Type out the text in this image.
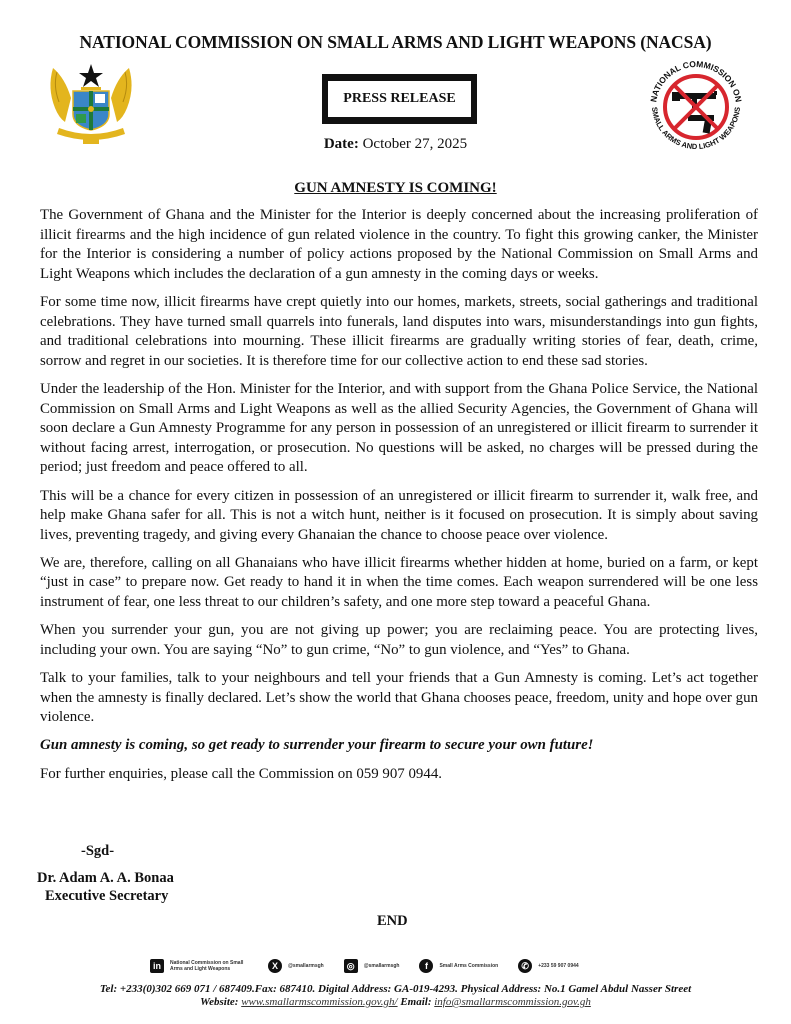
NATIONAL COMMISSION ON SMALL ARMS AND LIGHT WEAPONS (NACSA)
PRESS RELEASE
Date: October 27, 2025
NATIONAL COMMISSION ON
SMALL ARMS AND LIGHT WEAPONS
GUN AMNESTY IS COMING!

The Government of Ghana and the Minister for the Interior is deeply concerned about the increasing proliferation of illicit firearms and the high incidence of gun related violence in the country. To fight this growing canker, the Minister for the Interior is considering a number of policy actions proposed by the National Commission on Small Arms and Light Weapons which includes the declaration of a gun amnesty in the coming days or weeks.

For some time now, illicit firearms have crept quietly into our homes, markets, streets, social gatherings and traditional celebrations. They have turned small quarrels into funerals, land disputes into wars, misunderstandings into gun fights, and traditional celebrations into mourning. These illicit firearms are gradually writing stories of fear, death, crime, sorrow and regret in our societies. It is therefore time for our collective action to end these sad stories.

Under the leadership of the Hon. Minister for the Interior, and with support from the Ghana Police Service, the National Commission on Small Arms and Light Weapons as well as the allied Security Agencies, the Government of Ghana will soon declare a Gun Amnesty Programme for any person in possession of an unregistered or illicit firearm to surrender it without facing arrest, interrogation, or prosecution. No questions will be asked, no charges will be pressed during the period; just freedom and peace offered to all.

This will be a chance for every citizen in possession of an unregistered or illicit firearm to surrender it, walk free, and help make Ghana safer for all. This is not a witch hunt, neither is it focused on prosecution. It is simply about saving lives, preventing tragedy, and giving every Ghanaian the chance to choose peace over violence.

We are, therefore, calling on all Ghanaians who have illicit firearms whether hidden at home, buried on a farm, or kept “just in case” to prepare now. Get ready to hand it in when the time comes. Each weapon surrendered will be one less instrument of fear, one less threat to our children’s safety, and one more step toward a peaceful Ghana.

When you surrender your gun, you are not giving up power; you are reclaiming peace. You are protecting lives, including your own. You are saying “No” to gun crime, “No” to gun violence, and “Yes” to Ghana.

Talk to your families, talk to your neighbours and tell your friends that a Gun Amnesty is coming. Let’s act together when the amnesty is finally declared. Let’s show the world that Ghana chooses peace, freedom, unity and hope over gun violence.

Gun amnesty is coming, so get ready to surrender your firearm to secure your own future!

For further enquiries, please call the Commission on 059 907 0944.

-Sgd-
Dr. Adam A. A. Bonaa
Executive Secretary
END
in	National Commission on Small Arms and Light Weapons	X	@smallarmsgh	◎	@smallarmsgh	f	Small Arms Commission	✆	+233 59 907 0944
Tel: +233(0)302 669 071 / 687409.Fax: 687410. Digital Address: GA-019-4293. Physical Address: No.1 Gamel Abdul Nasser Street
Website: www.smallarmscommission.gov.gh/ Email: info@smallarmscommission.gov.gh
